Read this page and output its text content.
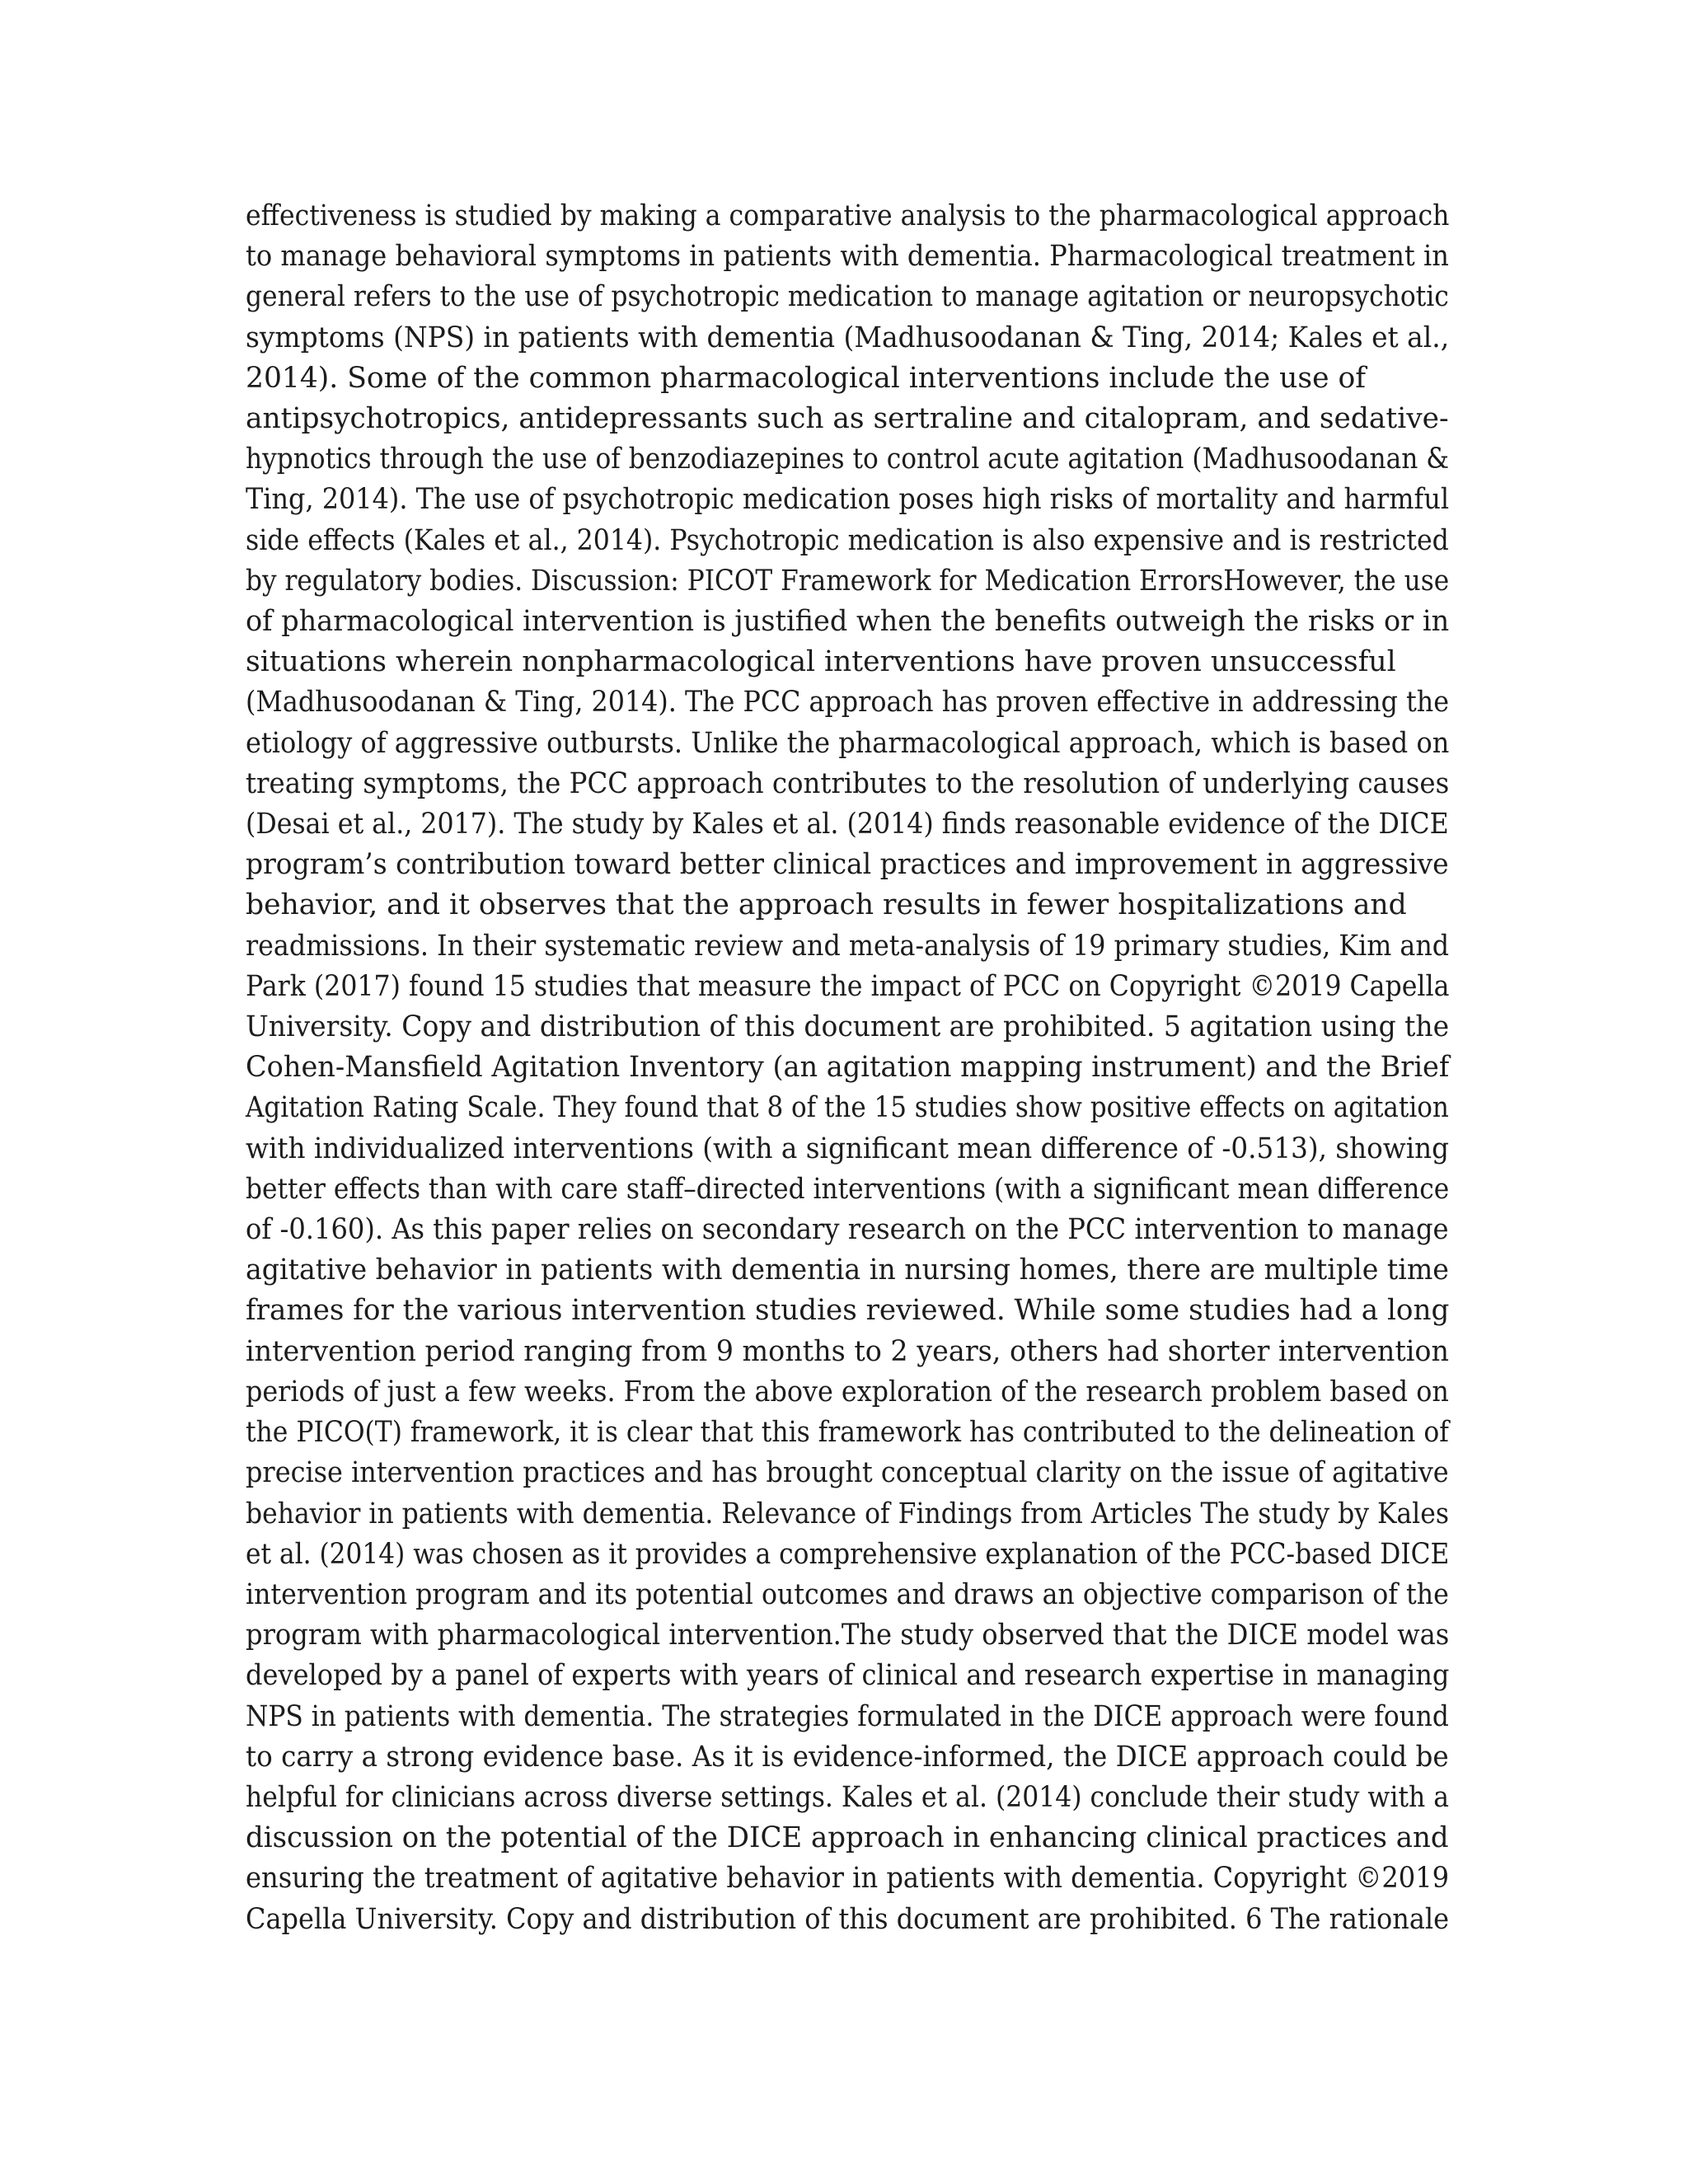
effectiveness is studied by making a comparative analysis to the pharmacological approach
to manage behavioral symptoms in patients with dementia. Pharmacological treatment in
general refers to the use of psychotropic medication to manage agitation or neuropsychotic
symptoms (NPS) in patients with dementia (Madhusoodanan & Ting, 2014; Kales et al.,
2014). Some of the common pharmacological interventions include the use of
antipsychotropics, antidepressants such as sertraline and citalopram, and sedative-
hypnotics through the use of benzodiazepines to control acute agitation (Madhusoodanan &
Ting, 2014). The use of psychotropic medication poses high risks of mortality and harmful
side effects (Kales et al., 2014). Psychotropic medication is also expensive and is restricted
by regulatory bodies. Discussion: PICOT Framework for Medication ErrorsHowever, the use
of pharmacological intervention is justified when the benefits outweigh the risks or in
situations wherein nonpharmacological interventions have proven unsuccessful
(Madhusoodanan & Ting, 2014). The PCC approach has proven effective in addressing the
etiology of aggressive outbursts. Unlike the pharmacological approach, which is based on
treating symptoms, the PCC approach contributes to the resolution of underlying causes
(Desai et al., 2017). The study by Kales et al. (2014) finds reasonable evidence of the DICE
program’s contribution toward better clinical practices and improvement in aggressive
behavior, and it observes that the approach results in fewer hospitalizations and
readmissions. In their systematic review and meta-analysis of 19 primary studies, Kim and
Park (2017) found 15 studies that measure the impact of PCC on Copyright ©2019 Capella
University. Copy and distribution of this document are prohibited. 5 agitation using the
Cohen-Mansfield Agitation Inventory (an agitation mapping instrument) and the Brief
Agitation Rating Scale. They found that 8 of the 15 studies show positive effects on agitation
with individualized interventions (with a significant mean difference of -0.513), showing
better effects than with care staff–directed interventions (with a significant mean difference
of -0.160). As this paper relies on secondary research on the PCC intervention to manage
agitative behavior in patients with dementia in nursing homes, there are multiple time
frames for the various intervention studies reviewed. While some studies had a long
intervention period ranging from 9 months to 2 years, others had shorter intervention
periods of just a few weeks. From the above exploration of the research problem based on
the PICO(T) framework, it is clear that this framework has contributed to the delineation of
precise intervention practices and has brought conceptual clarity on the issue of agitative
behavior in patients with dementia. Relevance of Findings from Articles The study by Kales
et al. (2014) was chosen as it provides a comprehensive explanation of the PCC-based DICE
intervention program and its potential outcomes and draws an objective comparison of the
program with pharmacological intervention.The study observed that the DICE model was
developed by a panel of experts with years of clinical and research expertise in managing
NPS in patients with dementia. The strategies formulated in the DICE approach were found
to carry a strong evidence base. As it is evidence-informed, the DICE approach could be
helpful for clinicians across diverse settings. Kales et al. (2014) conclude their study with a
discussion on the potential of the DICE approach in enhancing clinical practices and
ensuring the treatment of agitative behavior in patients with dementia. Copyright ©2019
Capella University. Copy and distribution of this document are prohibited. 6 The rationale
